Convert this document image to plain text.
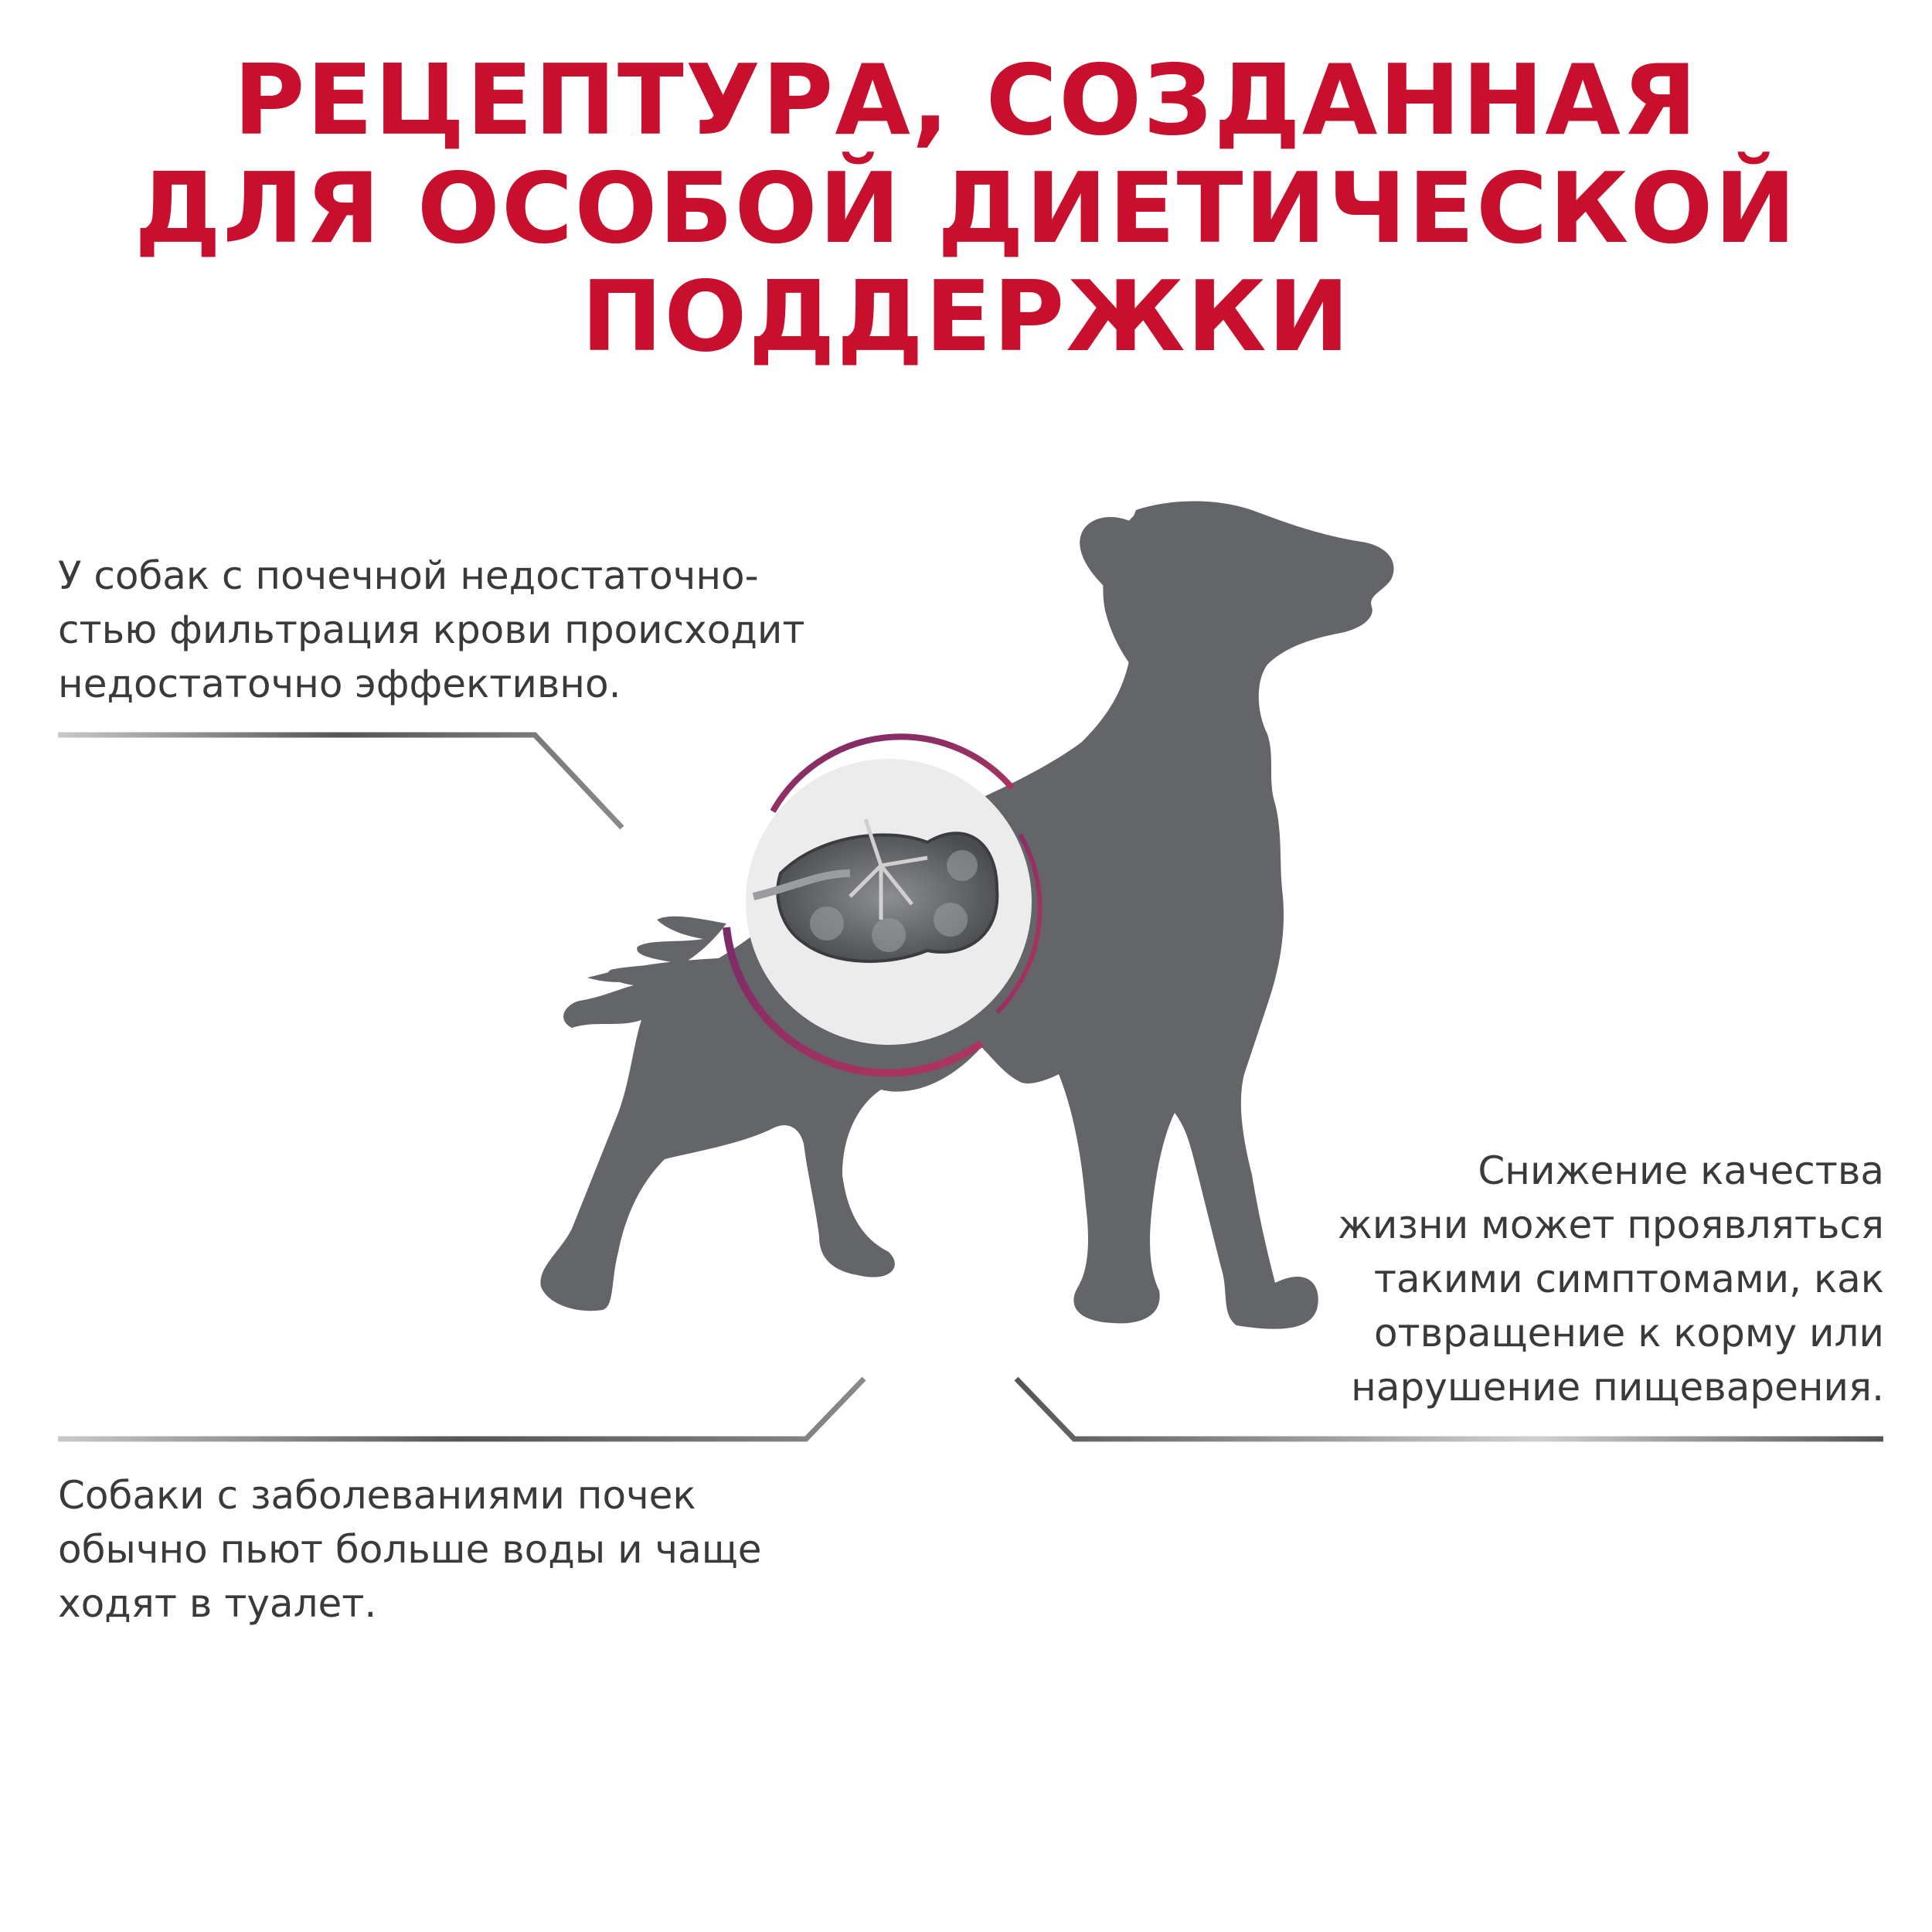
РЕЦЕПТУРА, СОЗДАННАЯ
ДЛЯ ОСОБОЙ ДИЕТИЧЕСКОЙ
ПОДДЕРЖКИ
У собак с почечной недостаточно-
стью фильтрация крови происходит
недостаточно эффективно.
Собаки с заболеваниями почек
обычно пьют больше воды и чаще
ходят в туалет.
Снижение качества
жизни может проявляться
такими симптомами, как
отвращение к корму или
нарушение пищеварения.
